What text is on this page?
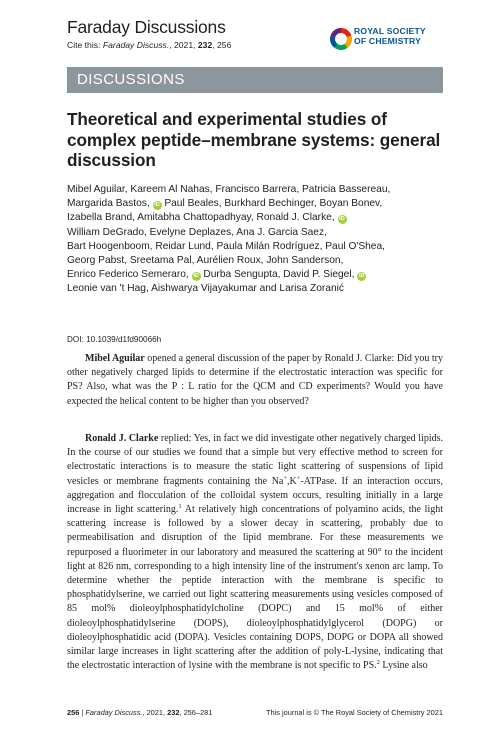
Faraday Discussions
Cite this: Faraday Discuss., 2021, 232, 256
ROYAL SOCIETY
OF CHEMISTRY
DISCUSSIONS
Theoretical and experimental studies of complex peptide–membrane systems: general discussion
Mibel Aguilar, Kareem Al Nahas, Francisco Barrera, Patricia Bassereau,
Margarida Bastos, iD Paul Beales, Burkhard Bechinger, Boyan Bonev,
Izabella Brand, Amitabha Chattopadhyay, Ronald J. Clarke, iD
William DeGrado, Evelyne Deplazes, Ana J. Garcia Saez,
Bart Hoogenboom, Reidar Lund, Paula Milán Rodríguez, Paul O'Shea,
Georg Pabst, Sreetama Pal, Aurélien Roux, John Sanderson,
Enrico Federico Semeraro, iD Durba Sengupta, David P. Siegel, iD
Leonie van 't Hag, Aishwarya Vijayakumar and Larisa Zoranić
DOI: 10.1039/d1fd90066h
Mibel Aguilar opened a general discussion of the paper by Ronald J. Clarke: Did you try other negatively charged lipids to determine if the electrostatic interaction was specific for PS? Also, what was the P : L ratio for the QCM and CD experiments? Would you have expected the helical content to be higher than you observed?
Ronald J. Clarke replied: Yes, in fact we did investigate other negatively charged lipids. In the course of our studies we found that a simple but very effective method to screen for electrostatic interactions is to measure the static light scattering of suspensions of lipid vesicles or membrane fragments containing the Na+,K+-ATPase. If an interaction occurs, aggregation and flocculation of the colloidal system occurs, resulting initially in a large increase in light scattering.$^1$ At relatively high concentrations of polyamino acids, the light scattering increase is followed by a slower decay in scattering, probably due to permeabilisation and disruption of the lipid membrane. For these measurements we repurposed a fluorimeter in our laboratory and measured the scattering at 90° to the incident light at 826 nm, corresponding to a high intensity line of the instrument's xenon arc lamp. To determine whether the peptide interaction with the membrane is specific to phosphatidylserine, we carried out light scattering measurements using vesicles composed of 85 mol% dioleoylphosphatidylcholine (DOPC) and 15 mol% of either dioleoylphosphatidylserine (DOPS), dioleoylphosphatidylglycerol (DOPG) or dioleoylphosphatidic acid (DOPA). Vesicles containing DOPS, DOPG or DOPA all showed similar large increases in light scattering after the addition of poly-L-lysine, indicating that the electrostatic interaction of lysine with the membrane is not specific to PS.$^2$ Lysine also
256 | Faraday Discuss., 2021, 232, 256–281	This journal is © The Royal Society of Chemistry 2021
